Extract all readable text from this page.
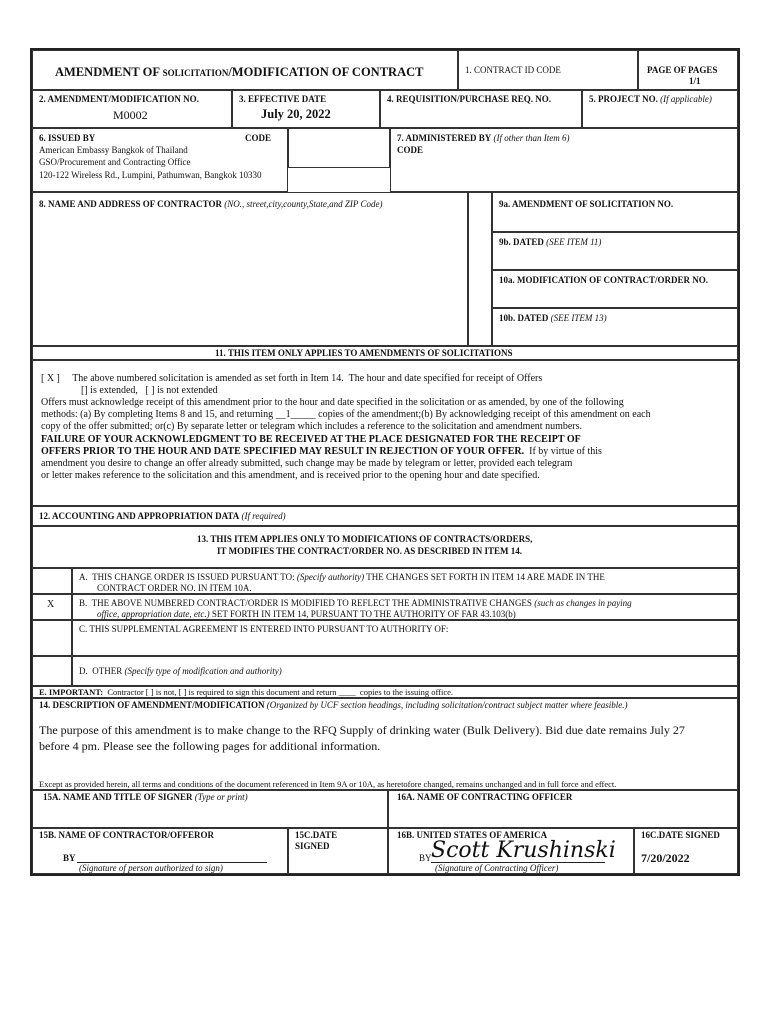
AMENDMENT OF SOLICITATION/MODIFICATION OF CONTRACT	1. CONTRACT ID CODE	PAGE OF PAGES
1/1
2. AMENDMENT/MODIFICATION NO.
M0002
3. EFFECTIVE DATE
July 20, 2022
4. REQUISITION/PURCHASE REQ. NO.	5. PROJECT NO. (If applicable)
6. ISSUED BY	CODE
American Embassy Bangkok of Thailand
GSO/Procurement and Contracting Office
120-122 Wireless Rd., Lumpini, Pathumwan, Bangkok 10330
7. ADMINISTERED BY (If other than Item 6)
CODE
8. NAME AND ADDRESS OF CONTRACTOR (NO., street,city,county,State,and ZIP Code)	9a. AMENDMENT OF SOLICITATION NO.
9b. DATED (SEE ITEM 11)
10a. MODIFICATION OF CONTRACT/ORDER NO.
10b. DATED (SEE ITEM 13)
11. THIS ITEM ONLY APPLIES TO AMENDMENTS OF SOLICITATIONS
[ X ]     The above numbered solicitation is amended as set forth in Item 14.  The hour and date specified for receipt of Offers
[] is extended,   [ ] is not extended
Offers must acknowledge receipt of this amendment prior to the hour and date specified in the solicitation or as amended, by one of the following
methods: (a) By completing Items 8 and 15, and returning __1_____ copies of the amendment;(b) By acknowledging receipt of this amendment on each
copy of the offer submitted; or(c) By separate letter or telegram which includes a reference to the solicitation and amendment numbers.
FAILURE OF YOUR ACKNOWLEDGMENT TO BE RECEIVED AT THE PLACE DESIGNATED FOR THE RECEIPT OF
OFFERS PRIOR TO THE HOUR AND DATE SPECIFIED MAY RESULT IN REJECTION OF YOUR OFFER.  If by virtue of this
amendment you desire to change an offer already submitted, such change may be made by telegram or letter, provided each telegram
or letter makes reference to the solicitation and this amendment, and is received prior to the opening hour and date specified.
12. ACCOUNTING AND APPROPRIATION DATA (If required)
13. THIS ITEM APPLIES ONLY TO MODIFICATIONS OF CONTRACTS/ORDERS,
IT MODIFIES THE CONTRACT/ORDER NO. AS DESCRIBED IN ITEM 14.
A.  THIS CHANGE ORDER IS ISSUED PURSUANT TO: (Specify authority) THE CHANGES SET FORTH IN ITEM 14 ARE MADE IN THE
CONTRACT ORDER NO. IN ITEM 10A.
X	B.  THE ABOVE NUMBERED CONTRACT/ORDER IS MODIFIED TO REFLECT THE ADMINISTRATIVE CHANGES (such as changes in paying
office, appropriation date, etc.) SET FORTH IN ITEM 14, PURSUANT TO THE AUTHORITY OF FAR 43.103(b)
C. THIS SUPPLEMENTAL AGREEMENT IS ENTERED INTO PURSUANT TO AUTHORITY OF:
D.  OTHER (Specify type of modification and authority)
E. IMPORTANT:  Contractor [ ] is not, [ ] is required to sign this document and return ____  copies to the issuing office.
14. DESCRIPTION OF AMENDMENT/MODIFICATION (Organized by UCF section headings, including solicitation/contract subject matter where feasible.)
The purpose of this amendment is to make change to the RFQ Supply of drinking water (Bulk Delivery). Bid due date remains July 27
before 4 pm. Please see the following pages for additional information.
Except as provided herein, all terms and conditions of the document referenced in Item 9A or 10A, as heretofore changed, remains unchanged and in full force and effect.
15A. NAME AND TITLE OF SIGNER (Type or print)	16A. NAME OF CONTRACTING OFFICER
15B. NAME OF CONTRACTOR/OFFEROR
BY
(Signature of person authorized to sign)
15C.DATE
SIGNED
16B. UNITED STATES OF AMERICA
BY Scott Krushinski
(Signature of Contracting Officer)
16C.DATE SIGNED
7/20/2022
